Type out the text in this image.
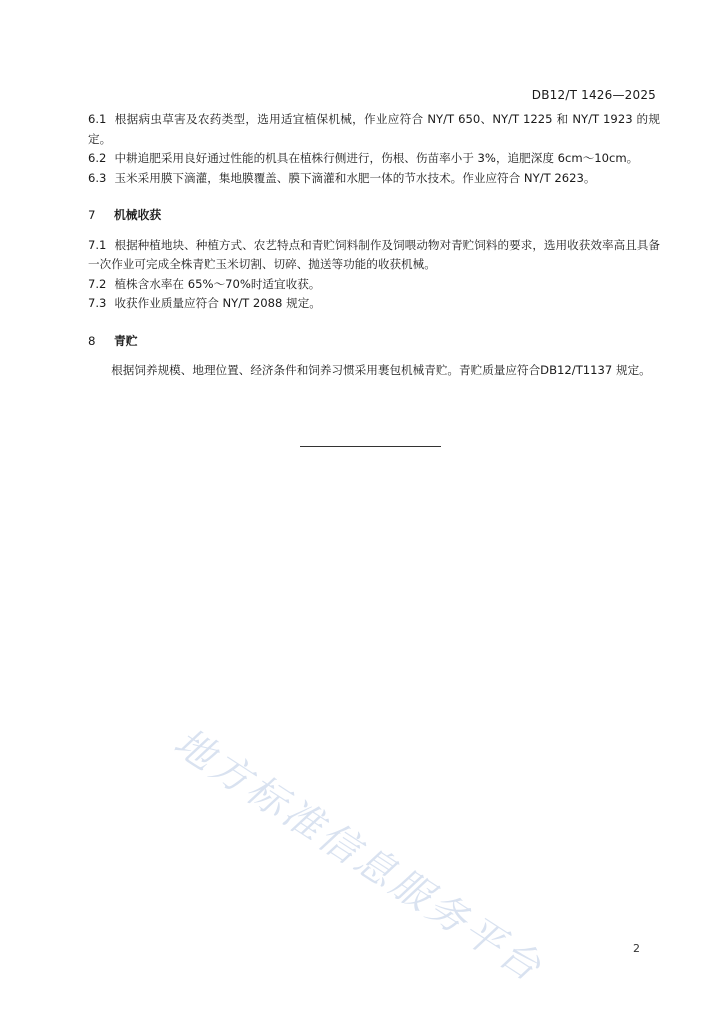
DB12/T 1426—2025

6.1 根据病虫草害及农药类型，选用适宜植保机械，作业应符合 NY/T 650、NY/T 1225 和 NY/T 1923 的规定。

6.2 中耕追肥采用良好通过性能的机具在植株行侧进行，伤根、伤苗率小于 3%，追肥深度 6cm～10cm。

6.3 玉米采用膜下滴灌，集地膜覆盖、膜下滴灌和水肥一体的节水技术。作业应符合 NY/T 2623。

7 机械收获

7.1 根据种植地块、种植方式、农艺特点和青贮饲料制作及饲喂动物对青贮饲料的要求，选用收获效率高且具备一次作业可完成全株青贮玉米切割、切碎、抛送等功能的收获机械。

7.2 植株含水率在 65%～70%时适宜收获。

7.3 收获作业质量应符合 NY/T 2088 规定。

8 青贮

根据饲养规模、地理位置、经济条件和饲养习惯采用裹包机械青贮。青贮质量应符合DB12/T1137 规定。

地方标准信息服务平台	2
